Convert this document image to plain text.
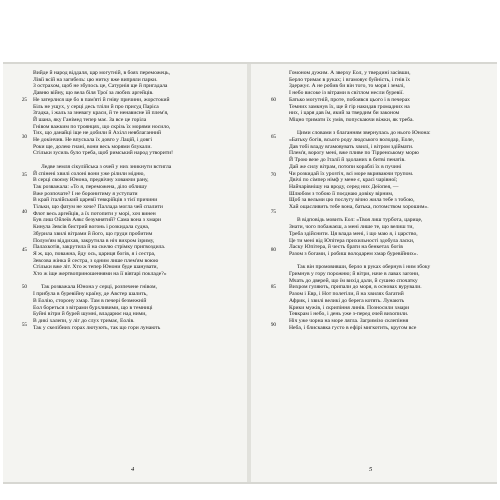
Вийде й народ віддаля, цар могутній, в боях переможець,
Лівії всій на загибель: цю нитку вже випряли парки.
З острахом, щоб не збулось це, Сатурнія ще й пригадала
Давню війну, що вела біля Трої за любих аргейців.
Не затерлися ще бо в пам'яті й гніву причини, жорстокий
Біль не ущух, у серці десь тліли й про присуд Паріса
Згадка, і жаль за зневагу краси, й те ненависне їй плем'я,
Й шана, яку Ганімед тепер має. За все це горіла
Гнівом важким по троянцях, що скрізь їх морями носило,
Тих, що данайці іще не добили й Ахілл невблаганний
Не докінчив. Не впускала їх довго у Лацій, і довгі
Роки ще, долею гнані, вони весь морями блукали.
Стільки зусиль було треба, щоб римський народ утворити!
Ледве земля сікулійська з очей у них зникнути встигла
Й спінені хвилі солоні вони уже рілили мідню,
В серці своєму Юнона, предвічну ховаючи рану,
Так розважала: «То я, переможена, діло облишу
Вже розпочате? І не боронитиму я уступати
В край італійський царевії тевкрійців з тієї причини
Тільки, що фатум не хоче? Палладa могла чей спалити
Флот весь аргейців, а їх потопити у морі, хоч винен
Був лиш Ойлеїв Аякс безумнятий? Сама вона з хмари
Кинула Зевсів бистрий вогонь і розкидала судна,
Збурила хвилі вітрами й його, що груди пробитим
Полум'ям віддихав, закрутила в ніч вихром ізриму,
Палахкотів, закрутила й на скелю стрімку пригвоздила.
Я ж, що, поважна, йду ось, цариця богів, я і сестра,
Зевсова жінка й сестра, з одним лише плем'ям воюю
Стільки вже літ. Хто ж тепер Юнони буде шанувати,
Хто ж іще жертвоприношеннями на її вівтарі покладе?»
Так розважала Юнона у серці, розпечене гнівом,
І прибула в буревійну країну, де Австер шалить,
В Еолію, сторону хмар. Там в печері безмежній
Еол бореться з вітрами бурхливими, що в темниці
Буйні вітри й бурей шумні, владарює над ними,
В дикі халепи, у ліг до слух тримає, Еолів.
Так у скелібних горах лютують, так що гори лунають
25
30
35
40
45
50
55
4
Гомоном дужим. А зверху Еол, у твердині засівши,
Берло тримає в руках; і вгамовує буйність, і гнів їх
Здержує. А не робив би він того, то моря і землі,
І небо високе із вітрами в світлом несли буревії.
Батько могутній, проте, побоявся цього і в печерах
Темних замкнув їх, ще й гір накидав громадних на
них, і царя дав їм, який за твердим би законом
Міцно тримати їх умів, попускаючи віжки, як треба.
Цими словами з благанням звернулась до нього Юнона:
«Батьку богів, всього роду людського володар, Еоле,
Дав тобі владу вгамовувать хвилі, і вітром здіймати.
Плем'я, ворогу мені, вже пливе по Тірренському морю
Й Трою везе до Італії й здоланих в битві пенатів.
Дай же силу вітрам, потопи кораблі їх в пучині
Чи розкидай їх урозтіч, всі море вкриваючи трупом.
Двічі по сімпер німф у мене є, красі чарівної;
Найчарівнішу на вроду, серед них Деїопея, —
Шлюбом з тобою її поєднаю довіку вірним,
Щоб за вельми цю послугу вічно жила тебе з тобою,
Хай ощасливить тебе вона, батька, потомством хорошим».
В відповідь мовить Еол: «Твоя лиш турбота, царице,
Знати, чого побажаєш, а мені лише те, що велиш ти,
Треба здійснити. Ця влада мені, і що маю я, і царство,
Це ти мені від Юпітера прихильності здобула ласки,
Ласку Юпітера, й честь брати на бенкетах богів
Разом з богами, і робиш володарем хмар буревійних».
Так він промовивши, берло в руках обернув і ним збоку
Гримнув у гору порожню; й вітри, наче в лавах загони,
Мчать до дверей, що їм вихід дали, й сушею спочатку
Вихром гуляють, припали до моря, в основах вурували.
Разом і Евр, і Нот полетіли, й на хвилях багатий
Африк, і хвилі великі до берега котять. Лунають
Крики мужів, і скрипіння линів. Позносили хмари
Тевкрам і небо, і день уже з-перед очей вихопили.
Ніч уже чорна на море лягла. Загримізо склепіння
Неба, і блискавка густо в ефірі мигкотить, кругом все
60
65
70
75
80
85
90
5
